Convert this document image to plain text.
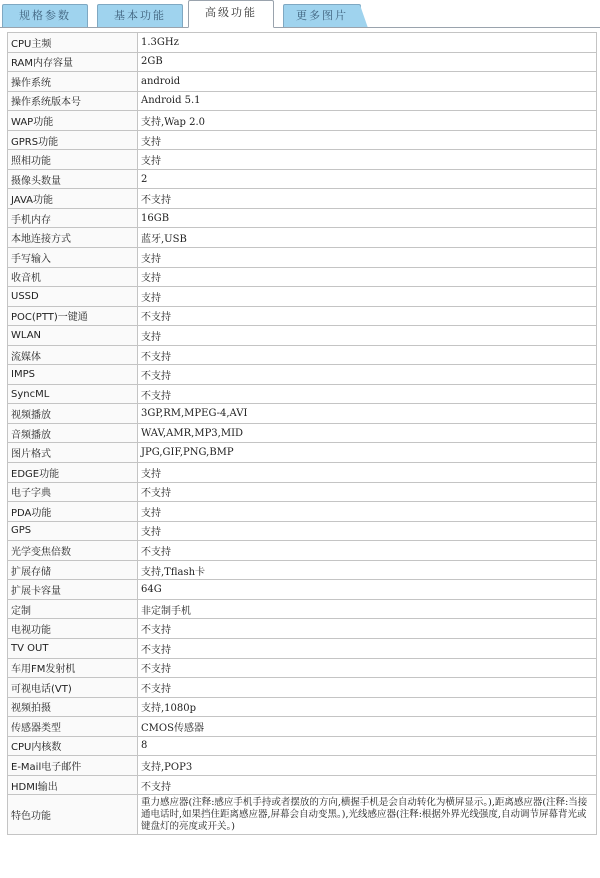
规格参数	基本功能	高级功能	更多图片
CPU主频	1.3GHz
RAM内存容量	2GB
操作系统	android
操作系统版本号	Android 5.1
WAP功能	支持,Wap 2.0
GPRS功能	支持
照相功能	支持
摄像头数量	2
JAVA功能	不支持
手机内存	16GB
本地连接方式	蓝牙,USB
手写输入	支持
收音机	支持
USSD	支持
POC(PTT)一键通	不支持
WLAN	支持
流媒体	不支持
IMPS	不支持
SyncML	不支持
视频播放	3GP,RM,MPEG-4,AVI
音频播放	WAV,AMR,MP3,MID
图片格式	JPG,GIF,PNG,BMP
EDGE功能	支持
电子字典	不支持
PDA功能	支持
GPS	支持
光学变焦倍数	不支持
扩展存储	支持,Tflash卡
扩展卡容量	64G
定制	非定制手机
电视功能	不支持
TV OUT	不支持
车用FM发射机	不支持
可视电话(VT)	不支持
视频拍摄	支持,1080p
传感器类型	CMOS传感器
CPU内核数	8
E-Mail电子邮件	支持,POP3
HDMI输出	不支持
特色功能	重力感应器(注释:感应手机手持或者摆放的方向,横握手机是会自动转化为横屏显示。),距离感应器(注释:当接通电话时,如果挡住距离感应器,屏幕会自动变黑。),光线感应器(注释:根据外界光线强度,自动调节屏幕背光或键盘灯的亮度或开关。)
